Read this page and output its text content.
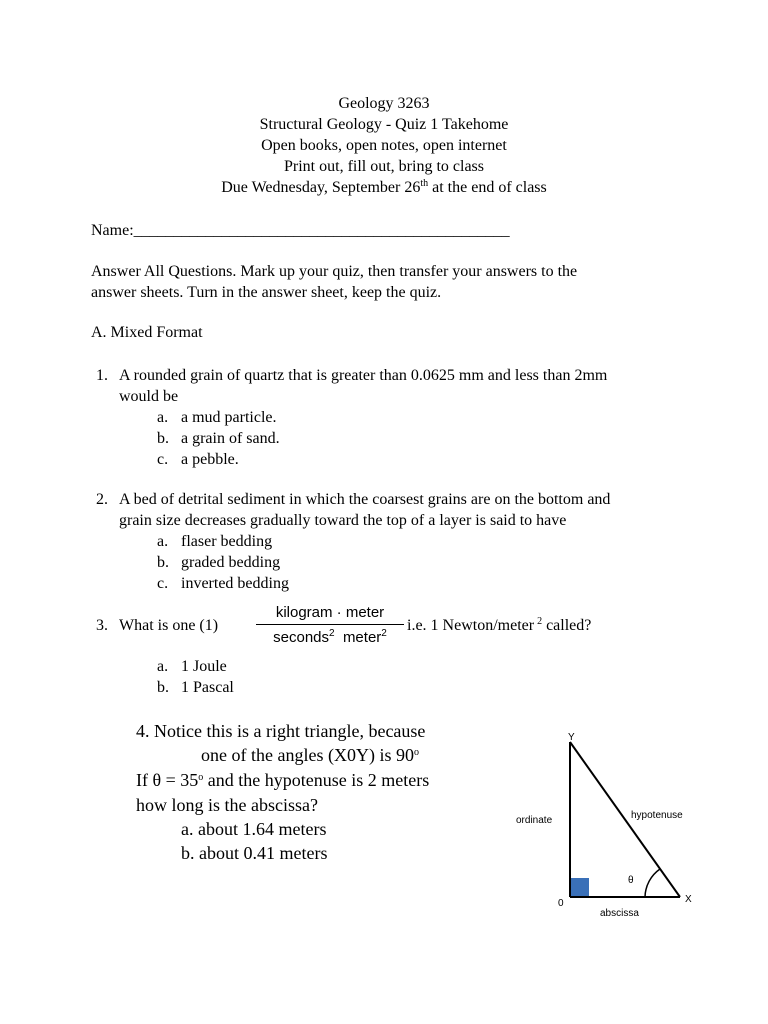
Geology 3263
Structural Geology - Quiz 1 Takehome
Open books, open notes, open internet
Print out, fill out, bring to class
Due Wednesday, September 26th at the end of class
Name:_______________________________________________
Answer All Questions. Mark up your quiz, then transfer your answers to the
answer sheets. Turn in the answer sheet, keep the quiz.
A. Mixed Format
1. A rounded grain of quartz that is greater than 0.0625 mm and less than 2mm
would be
a. a mud particle.
b. a grain of sand.
c. a pebble.
2. A bed of detrital sediment in which the coarsest grains are on the bottom and
grain size decreases gradually toward the top of a layer is said to have
a. flaser bedding
b. graded bedding
c. inverted bedding
3. What is one (1)
kilogram · meter
seconds$^2$ meter$^2$	i.e. 1 Newton/meter $^2$ called?
a. 1 Joule
b. 1 Pascal
4. Notice this is a right triangle, because
one of the angles (X0Y) is 90$^o$
If $\theta = 35^o$ and the hypotenuse is 2 meters
how long is the abscissa?
a. about 1.64 meters
b. about 0.41 meters
Y
X
0
ordinate	hypotenuse
abscissa
θ
